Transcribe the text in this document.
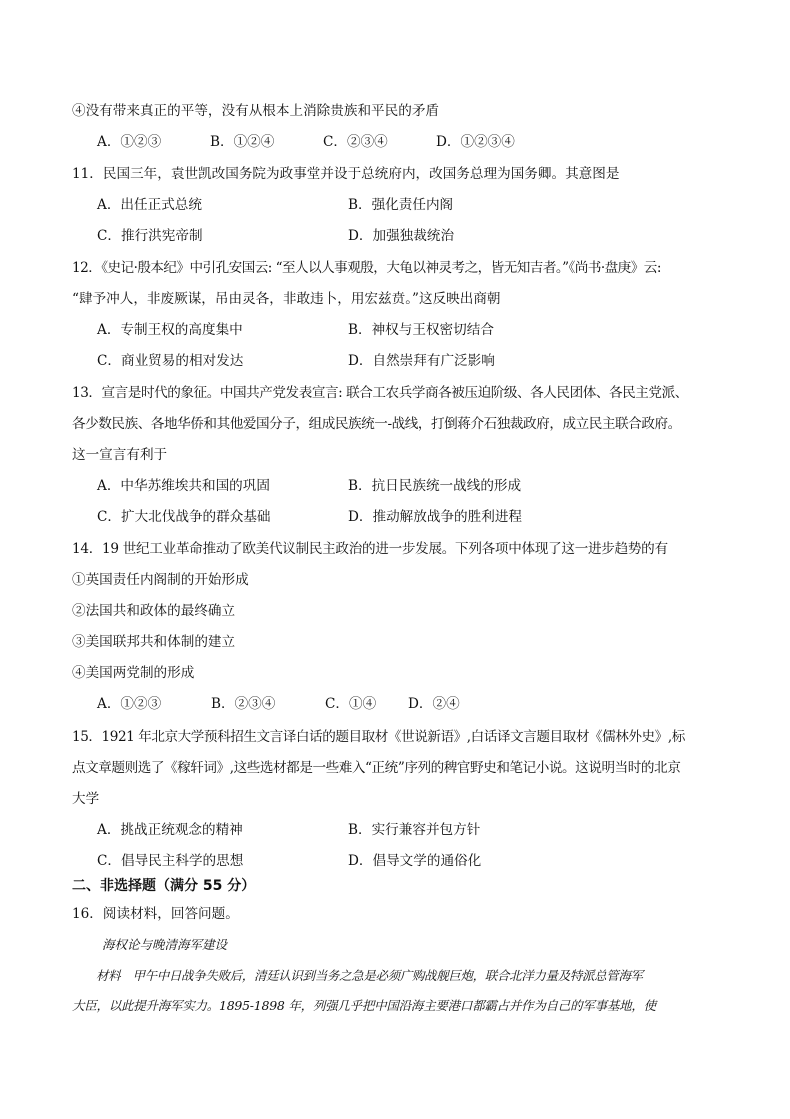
④没有带来真正的平等，没有从根本上消除贵族和平民的矛盾
A．①②③	B．①②④	C．②③④	D．①②③④
11．民国三年，袁世凯改国务院为政事堂并设于总统府内，改国务总理为国务卿。其意图是
A．出任正式总统	B．强化责任内阁
C．推行洪宪帝制	D．加强独裁统治
12．《史记·殷本纪》中引孔安国云: “至人以人事观殷，大龟以神灵考之，皆无知吉者。”《尚书·盘庚》云:
“肆予冲人，非废厥谋，吊由灵各，非敢违卜，用宏兹贲。”这反映出商朝
A．专制王权的高度集中	B．神权与王权密切结合
C．商业贸易的相对发达	D．自然崇拜有广泛影响
13．宣言是时代的象征。中国共产党发表宣言: 联合工农兵学商各被压迫阶级、各人民团体、各民主党派、
各少数民族、各地华侨和其他爱国分子，组成民族统一-战线，打倒蒋介石独裁政府，成立民主联合政府。
这一宣言有利于
A．中华苏维埃共和国的巩固	B．抗日民族统一战线的形成
C．扩大北伐战争的群众基础	D．推动解放战争的胜利进程
14．19 世纪工业革命推动了欧美代议制民主政治的进一步发展。下列各项中体现了这一进步趋势的有
①英国责任内阁制的开始形成
②法国共和政体的最终确立
③美国联邦共和体制的建立
④美国两党制的形成
A．①②③	B．②③④	C．①④ D．②④
15．1921 年北京大学预科招生文言译白话的题目取材《世说新语》,白话译文言题目取材《儒林外史》,标
点文章题则选了《稼轩词》,这些选材都是一些难入“正统”序列的稗官野史和笔记小说。这说明当时的北京
大学
A．挑战正统观念的精神	B．实行兼容并包方针
C．倡导民主科学的思想	D．倡导文学的通俗化
二、非选择题（满分 55 分）
16．阅读材料，回答问题。
海权论与晚清海军建设
材料　甲午中日战争失败后，清廷认识到当务之急是必须广购战舰巨炮，联合北洋力量及特派总管海军
大臣，以此提升海军实力。1895-1898 年，列强几乎把中国沿海主要港口都霸占并作为自己的军事基地，使
